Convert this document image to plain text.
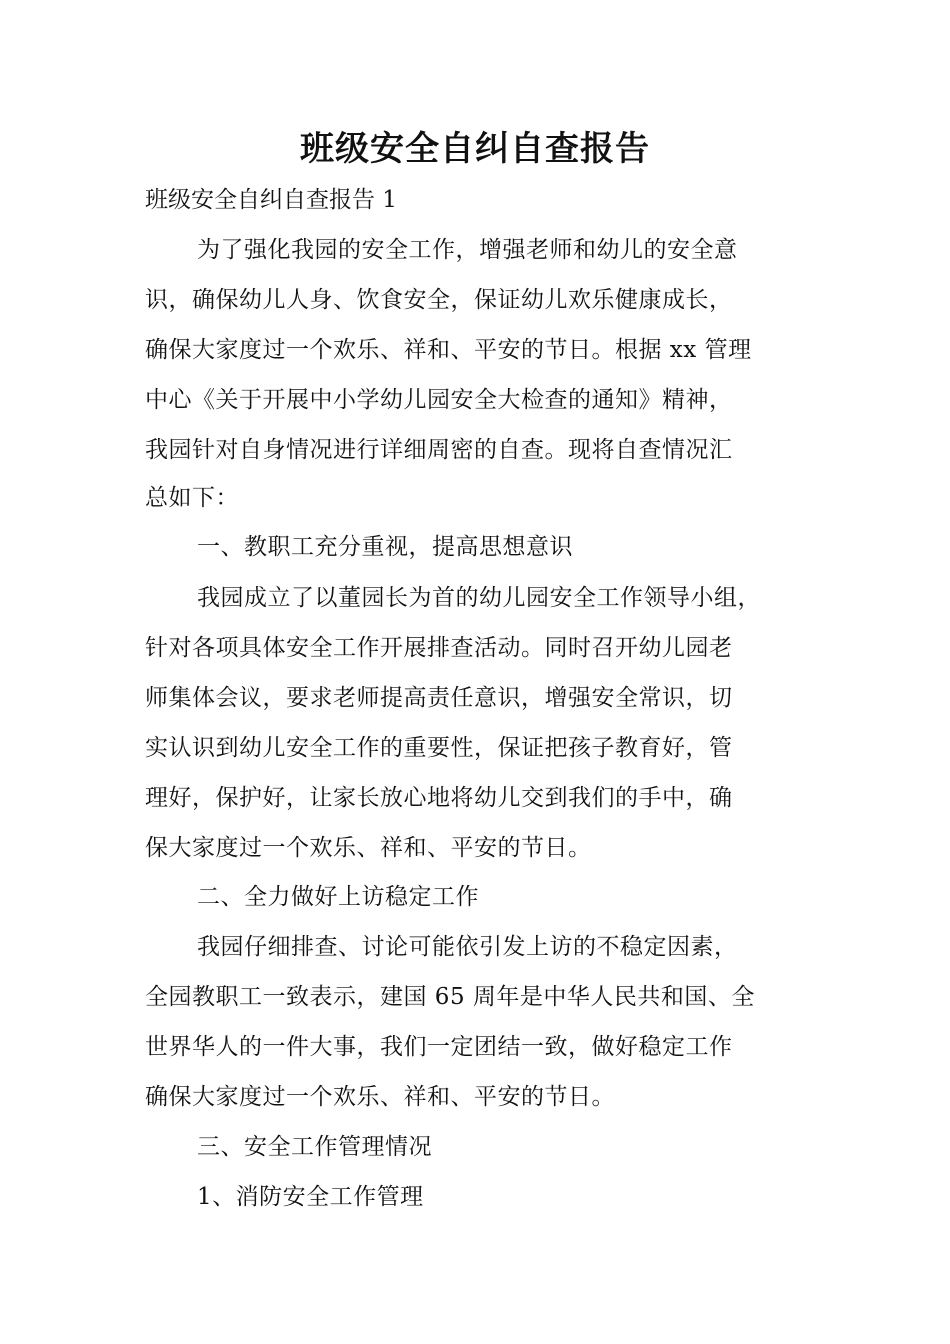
班级安全自纠自查报告

班级安全自纠自查报告 1

为了强化我园的安全工作，增强老师和幼儿的安全意

识，确保幼儿人身、饮食安全，保证幼儿欢乐健康成长，

确保大家度过一个欢乐、祥和、平安的节日。根据 xx 管理

中心《关于开展中小学幼儿园安全大检查的通知》精神，

我园针对自身情况进行详细周密的自查。现将自查情况汇

总如下：

一、教职工充分重视，提高思想意识

我园成立了以董园长为首的幼儿园安全工作领导小组，

针对各项具体安全工作开展排查活动。同时召开幼儿园老

师集体会议，要求老师提高责任意识，增强安全常识，切

实认识到幼儿安全工作的重要性，保证把孩子教育好，管

理好，保护好，让家长放心地将幼儿交到我们的手中，确

保大家度过一个欢乐、祥和、平安的节日。

二、全力做好上访稳定工作

我园仔细排查、讨论可能依引发上访的不稳定因素，

全园教职工一致表示，建国 65 周年是中华人民共和国、全

世界华人的一件大事，我们一定团结一致，做好稳定工作

确保大家度过一个欢乐、祥和、平安的节日。

三、安全工作管理情况

1、消防安全工作管理
